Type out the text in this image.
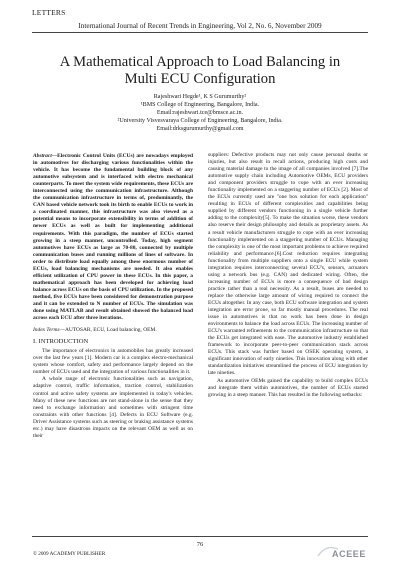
LETTERS
International Journal of Recent Trends in Engineering, Vol 2, No. 6, November 2009
A Mathematical Approach to Load Balancing in
Multi ECU Configuration
Rajeshwari Hegde¹, K S Gurumurthy²
¹BMS College of Engineering, Bangalore, India.
Email:rajeshwari.tce@bmsce.ac.in.
²University Visvesvaraya College of Engineering, Bangalore, India.
Email:drksgurumurthy@gmail.com

Abstract—Electronic Control Units (ECUs) are nowadays employed in automotives for discharging various functionalities within the vehicle. It has become the fundamental building block of any automotive subsystem and is interfaced with electro mechanical counterparts. To meet the system wide requirements, these ECUs are interconnected using the communication infrastructure. Although the communication infrastructure in terms of, predominantly, the CAN based vehicle network took its birth to enable ECUs to work in a coordinated manner, this infrastructure was also viewed as a potential means to incorporate extensibility in terms of addition of newer ECUs as well as built for implementing additional requirements. With this paradigm, the number of ECUs started growing in a steep manner, uncontrolled. Today, high segment automotives have ECUs as large as 70-80, connected by multiple communication buses and running millions of lines of software. In order to distribute load equally among these enormous number of ECUs, load balancing mechanisms are needed. It also enables efficient utilization of CPU power in these ECUs. In this paper, a mathematical approach has been developed for achieving load balance across ECUs on the basis of CPU utilization. In the proposed method, five ECUs have been considered for demonstration purpose and it can be extended to N number of ECUs. The simulation was done using MATLAB and result obtained showed the balanced load across each ECU after three iterations.

Index Terms—AUTOSAR, ECU, Load balancing, OEM.

I. INTRODUCTION

The importance of electronics in automobiles has greatly increased over the last few years [1]. Modern car is a complex electro-mechanical system whose comfort, safety and performance largely depend on the number of ECUs used and the integration of various functionalities in it.

A whole range of electronic functionalities such as navigation, adaptive control, traffic information, traction control, stabilization control and active safety systems are implemented in today's vehicles. Many of these new functions are not stand-alone in the sense that they need to exchange information and sometimes with stringent time constraints with other functions [4]. Defects in ECU Software (e.g. Driver Assistance systems such as steering or braking assistance systems etc.) may have disastrous impacts on the relevant OEM as well as on their

suppliers: Defective products may not only cause personal deaths or injuries, but also result in recall actions, producing high costs and causing material damage to the image of all companies involved [7].The automotive supply chain including Automotive OEMs, ECU providers and component providers struggle to cope with an ever increasing functionality implemented on a staggering number of ECUs [2]. Most of the ECUs currently used are "one box solution for each application" resulting in ECUs of different complexities and capabilities being supplied by different vendors functioning in a single vehicle further adding to the complexity[5]. To make the situation worse, these vendors also reserve their design philosophy and details as proprietary assets. As a result vehicle manufacturers struggle to cope with an ever increasing functionality implemented on a staggering number of ECUs. Managing the complexity is one of the most important problems to achieve required reliability and performance.[6].Cost reduction requires integrating functionality from multiple suppliers onto a single ECU while system integration requires interconnecting several ECU's, sensors, actuators using a network bus (e.g. CAN) and dedicated wiring. Often, the increasing number of ECUs is more a consequence of bad design practice rather than a real necessity. As a result, buses are needed to replace the otherwise large amount of wiring required to connect the ECUs altogether. In any case, both ECU software integration and system integration are error prone, so far mostly manual procedures. The real issue in automotives is that no work has been done in design environments to balance the load across ECUs. The increasing number of ECU's warranted refinements to the communication infrastructure so that the ECUs get integrated with ease. The automotive industry established framework to incorporate peer-to-peer communication stack across ECUs. This stack was further based on OSEK operating system, a significant innovation of early nineties. This innovation along with other standardization initiatives streamlined the process of ECU integration by late nineties.

As automotive OEMs gained the capability to build complex ECUs and integrate them within automotives, the number of ECUs started growing in a steep manner. This has resulted in the following setbacks:

76
© 2009 ACADEMY PUBLISHER	ACEEE
